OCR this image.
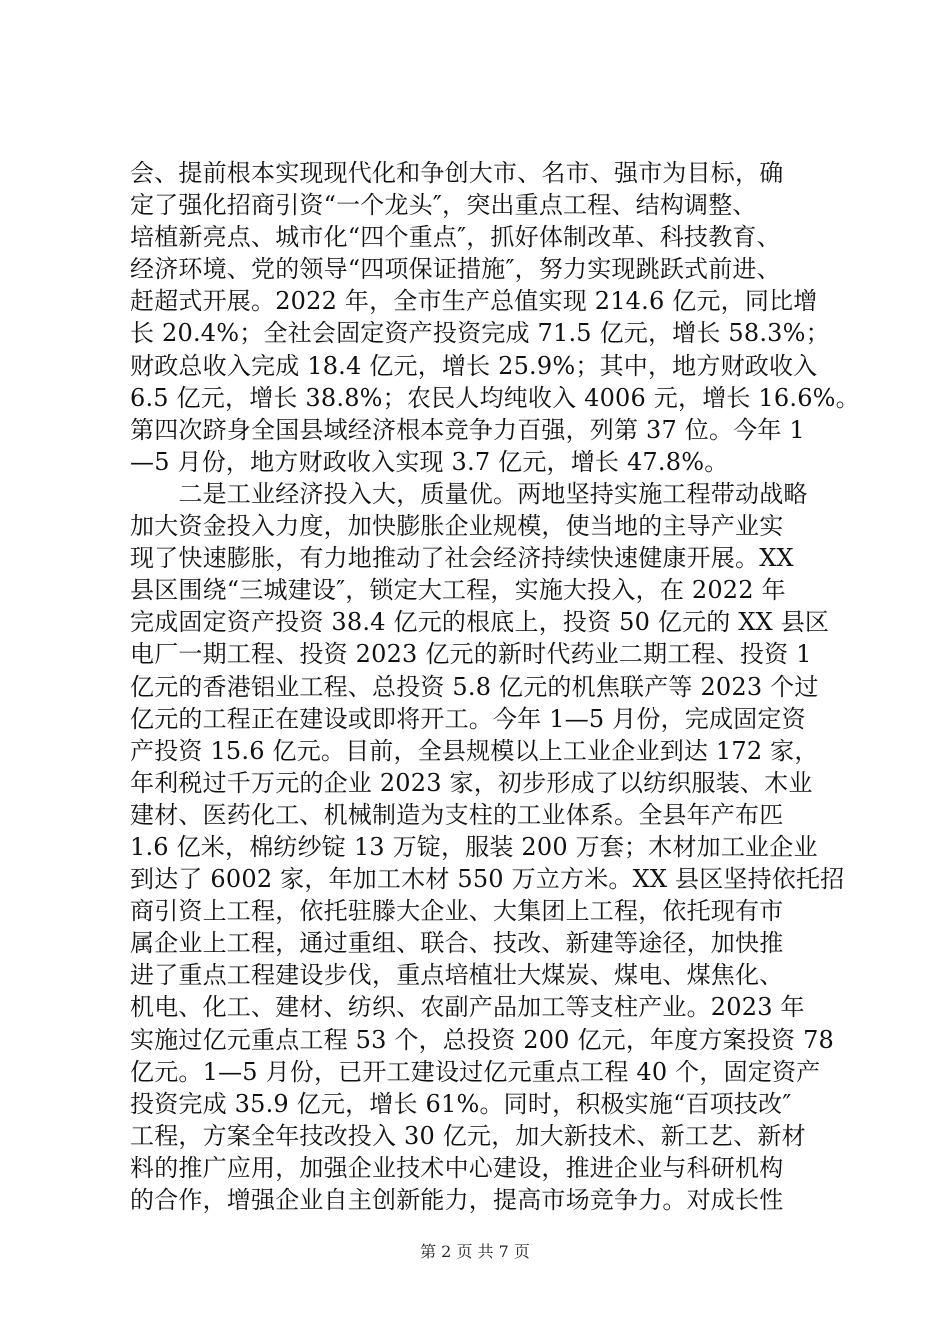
会、提前根本实现现代化和争创大市、名市、强市为目标，确
定了强化招商引资“一个龙头″，突出重点工程、结构调整、
培植新亮点、城市化“四个重点″，抓好体制改革、科技教育、
经济环境、党的领导“四项保证措施″，努力实现跳跃式前进、
赶超式开展。2022 年，全市生产总值实现 214.6 亿元，同比增
长 20.4%；全社会固定资产投资完成 71.5 亿元，增长 58.3%；
财政总收入完成 18.4 亿元，增长 25.9%；其中，地方财政收入
6.5 亿元，增长 38.8%；农民人均纯收入 4006 元，增长 16.6%。
第四次跻身全国县域经济根本竞争力百强，列第 37 位。今年 1
—5 月份，地方财政收入实现 3.7 亿元，增长 47.8%。
　　二是工业经济投入大，质量优。两地坚持实施工程带动战略
加大资金投入力度，加快膨胀企业规模，使当地的主导产业实
现了快速膨胀，有力地推动了社会经济持续快速健康开展。XX
县区围绕“三城建设″，锁定大工程，实施大投入，在 2022 年
完成固定资产投资 38.4 亿元的根底上，投资 50 亿元的 XX 县区
电厂一期工程、投资 2023 亿元的新时代药业二期工程、投资 1
亿元的香港铝业工程、总投资 5.8 亿元的机焦联产等 2023 个过
亿元的工程正在建设或即将开工。今年 1—5 月份，完成固定资
产投资 15.6 亿元。目前，全县规模以上工业企业到达 172 家，
年利税过千万元的企业 2023 家，初步形成了以纺织服装、木业
建材、医药化工、机械制造为支柱的工业体系。全县年产布匹
1.6 亿米，棉纺纱锭 13 万锭，服装 200 万套；木材加工业企业
到达了 6002 家，年加工木材 550 万立方米。XX 县区坚持依托招
商引资上工程，依托驻滕大企业、大集团上工程，依托现有市
属企业上工程，通过重组、联合、技改、新建等途径，加快推
进了重点工程建设步伐，重点培植壮大煤炭、煤电、煤焦化、
机电、化工、建材、纺织、农副产品加工等支柱产业。2023 年
实施过亿元重点工程 53 个，总投资 200 亿元，年度方案投资 78
亿元。1—5 月份，已开工建设过亿元重点工程 40 个，固定资产
投资完成 35.9 亿元，增长 61%。同时，积极实施“百项技改″
工程，方案全年技改投入 30 亿元，加大新技术、新工艺、新材
料的推广应用，加强企业技术中心建设，推进企业与科研机构
的合作，增强企业自主创新能力，提高市场竞争力。对成长性
第 2 页 共 7 页
